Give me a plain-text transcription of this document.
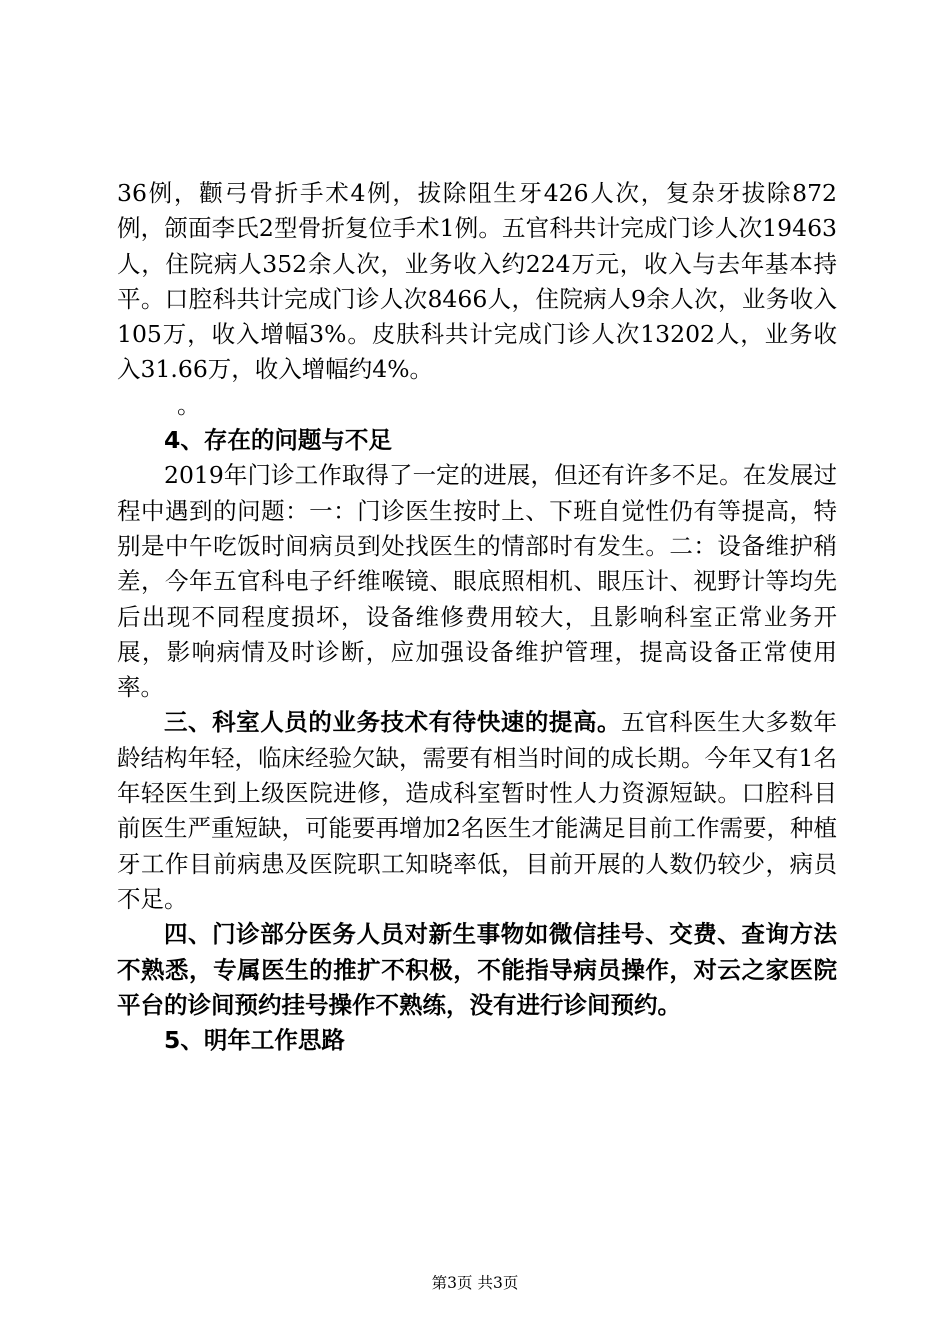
36例，颧弓骨折手术4例，拔除阻生牙426人次，复杂牙拔除872例，颌面李氏2型骨折复位手术1例。五官科共计完成门诊人次19463人，住院病人352余人次，业务收入约224万元，收入与去年基本持平。口腔科共计完成门诊人次8466人，住院病人9余人次，业务收入105万，收入增幅3%。皮肤科共计完成门诊人次13202人，业务收入31.66万，收入增幅约4%。

。

4、存在的问题与不足

2019年门诊工作取得了一定的进展，但还有许多不足。在发展过程中遇到的问题：一：门诊医生按时上、下班自觉性仍有等提高，特别是中午吃饭时间病员到处找医生的情部时有发生。二：设备维护稍差，今年五官科电子纤维喉镜、眼底照相机、眼压计、视野计等均先后出现不同程度损坏，设备维修费用较大，且影响科室正常业务开展，影响病情及时诊断，应加强设备维护管理，提高设备正常使用率。

三、科室人员的业务技术有待快速的提高。五官科医生大多数年龄结构年轻，临床经验欠缺，需要有相当时间的成长期。今年又有1名年轻医生到上级医院进修，造成科室暂时性人力资源短缺。口腔科目前医生严重短缺，可能要再增加2名医生才能满足目前工作需要，种植牙工作目前病患及医院职工知晓率低，目前开展的人数仍较少，病员不足。

四、门诊部分医务人员对新生事物如微信挂号、交费、查询方法不熟悉，专属医生的推扩不积极，不能指导病员操作，对云之家医院平台的诊间预约挂号操作不熟练，没有进行诊间预约。

5、明年工作思路

第3页 共3页
